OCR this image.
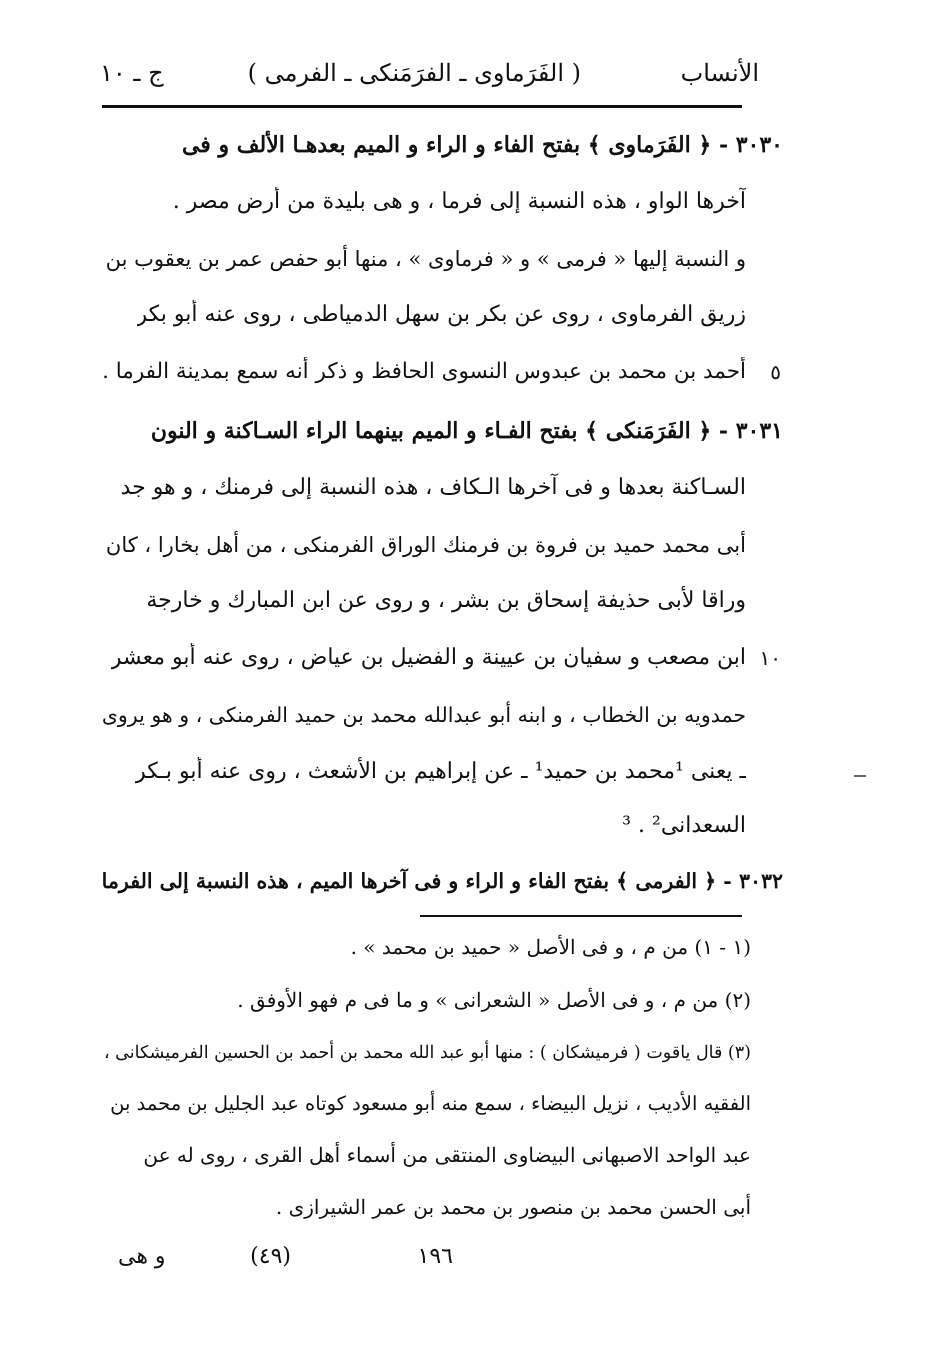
الأنساب
( الفَرَماوى ـ الفرَمَنكى ـ الفرمى )
ج ـ ١٠
٣٠٣٠ - ﴿ الفَرَماوى ﴾ بفتح الفاء و الراء و الميم بعدهـا الألف و فى
آخرها الواو ، هذه النسبة إلى فرما ، و هى بليدة من أرض مصر .
و النسبة إليها « فرمى » و « فرماوى » ، منها أبو حفص عمر بن يعقوب بن
زريق الفرماوى ، روى عن بكر بن سهل الدمياطى ، روى عنه أبو بكر
أحمد بن محمد بن عبدوس النسوى الحافظ و ذكر أنه سمع بمدينة الفرما .
٣٠٣١ - ﴿ الفَرَمَنكى ﴾ بفتح الفـاء و الميم بينهما الراء السـاكنة و النون
السـاكنة بعدها و فى آخرها الـكاف ، هذه النسبة إلى فرمنك ، و هو جد
أبى محمد حميد بن فروة بن فرمنك الوراق الفرمنكى ، من أهل بخارا ، كان
وراقا لأبى حذيفة إسحاق بن بشر ، و روى عن ابن المبارك و خارجة
ابن مصعب و سفيان بن عيينة و الفضيل بن عياض ، روى عنه أبو معشر
حمدويه بن الخطاب ، و ابنه أبو عبدالله محمد بن حميد الفرمنكى ، و هو يروى
ـ يعنى ¹محمد بن حميد¹ ـ عن إبراهيم بن الأشعث ، روى عنه أبو بـكر
السعدانى² . ³
٣٠٣٢ - ﴿ الفرمى ﴾ بفتح الفاء و الراء و فى آخرها الميم ، هذه النسبة إلى الفرما
٥
١٠
(١ - ١) من م ، و فى الأصل « حميد بن محمد » .
(٢) من م ، و فى الأصل « الشعرانى » و ما فى م فهو الأوفق .
(٣) قال ياقوت ( فرميشكان ) : منها أبو عبد الله محمد بن أحمد بن الحسين الفرميشكانى ،
الفقيه الأديب ، نزيل البيضاء ، سمع منه أبو مسعود كوتاه عبد الجليل بن محمد بن
عبد الواحد الاصبهانى البيضاوى المنتقى من أسماء أهل القرى ، روى له عن
أبى الحسن محمد بن منصور بن محمد بن عمر الشيرازى .
١٩٦
(٤٩)
و هى
